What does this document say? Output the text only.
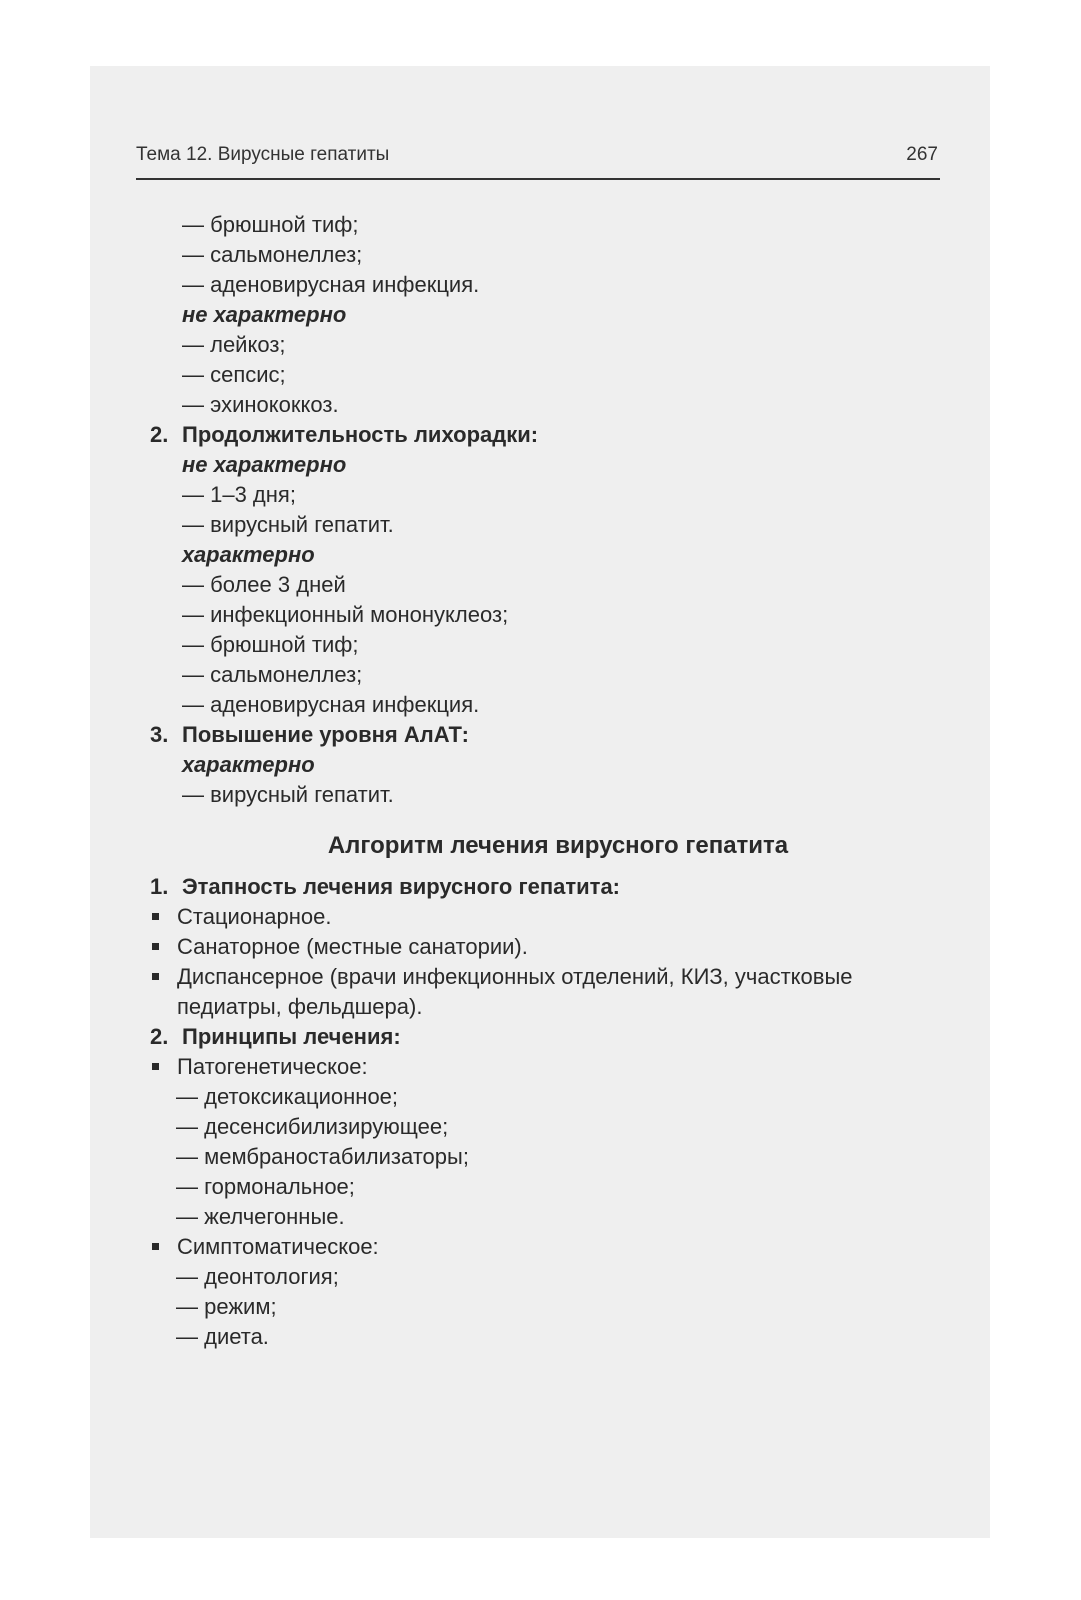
Тема 12. Вирусные гепатиты	267
— брюшной тиф;
— сальмонеллез;
— аденовирусная инфекция.
не характерно
— лейкоз;
— сепсис;
— эхинококкоз.
2. Продолжительность лихорадки:
не характерно
— 1–3 дня;
— вирусный гепатит.
характерно
— более 3 дней
— инфекционный мононуклеоз;
— брюшной тиф;
— сальмонеллез;
— аденовирусная инфекция.
3. Повышение уровня АлАТ:
характерно
— вирусный гепатит.
Алгоритм лечения вирусного гепатита
1. Этапность лечения вирусного гепатита:
Стационарное.
Санаторное (местные санатории).
Диспансерное (врачи инфекционных отделений, КИЗ, участковые
педиатры, фельдшера).
2. Принципы лечения:
Патогенетическое:
— детоксикационное;
— десенсибилизирующее;
— мембраностабилизаторы;
— гормональное;
— желчегонные.
Симптоматическое:
— деонтология;
— режим;
— диета.
